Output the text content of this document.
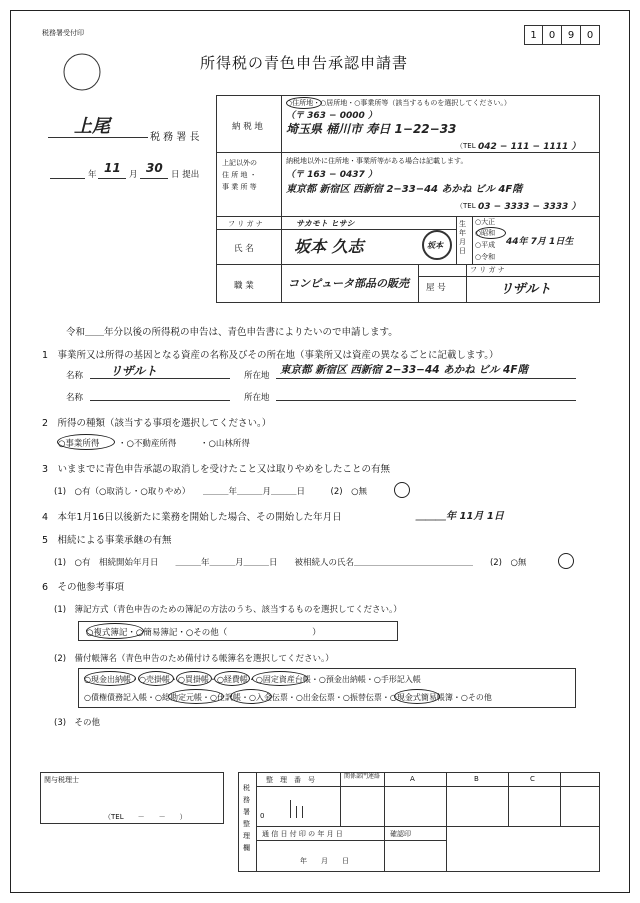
税務署受付印	1	0	9	0
所得税の青色申告承認申請書
上尾
税 務 署 長
年 11 月 30 日 提出
納 税 地
○住所地・○居所地・○事業所等（該当するものを選択してください。）
（〒 363 − 0000 ）
埼玉県 桶川市 寿日 1−22−33
（TEL 042 − 111 − 1111 ）
上記以外の
住 所 地 ・
事 業 所 等
納税地以外に住所地・事業所等がある場合は記載します。
（〒 163 − 0437 ）
東京都 新宿区 西新宿 2−33−44 あかね ビル 4F階
（TEL 03 − 3333 − 3333 ）
フ リ ガ ナ	サカモト ヒサシ
氏 名	坂本 久志	坂本
生年月日
○大正
○昭和
○平成
○令和
44年 7月 1日生
職 業	コンピュータ部品の販売
フ リ ガ ナ
屋 号	リザルト
令和＿＿年分以後の所得税の申告は、青色申告書によりたいので申請します。
1　事業所又は所得の基因となる資産の名称及びその所在地（事業所又は資産の異なるごとに記載します。）
名称 リザルト	所在地 東京都 新宿区 西新宿 2−33−44 あかね ビル 4F階
名称	所在地
2　所得の種類（該当する事項を選択してください。）
○事業所得 ・○不動産所得	・○山林所得
3　いままでに青色申告承認の取消しを受けたこと又は取りやめをしたことの有無
(1)　○有（○取消し・○取りやめ）　　＿＿＿年＿＿＿月＿＿＿日　　　(2)　○無
4　本年1月16日以後新たに業務を開始した場合、その開始した年月日	＿＿＿年 11月 1日
5　相続による事業承継の有無
(1)　○有　相続開始年月日　　＿＿＿年＿＿＿月＿＿＿日　　被相続人の氏名＿＿＿＿＿＿＿＿＿＿＿＿＿＿　　(2)　○無
6　その他参考事項
(1)　簿記方式（青色申告のための簿記の方法のうち、該当するものを選択してください。）
○複式簿記・○簡易簿記・○その他（　　　　　　　　　　）
(2)　備付帳簿名（青色申告のため備付ける帳簿名を選択してください。）
○現金出納帳・○売掛帳・○買掛帳・○経費帳・○固定資産台帳・○預金出納帳・○手形記入帳
○債権債務記入帳・○総勘定元帳・○仕訳帳・○入金伝票・○出金伝票・○振替伝票・○現金式簡易帳簿・○その他
(3)　その他
関与税理士
（TEL　　－　　－　　）
税務署整理欄
整　理　番　号	関係部門連絡	A	B	C
0
通 信 日 付 印 の 年 月 日	確認印
年　　月　　日
